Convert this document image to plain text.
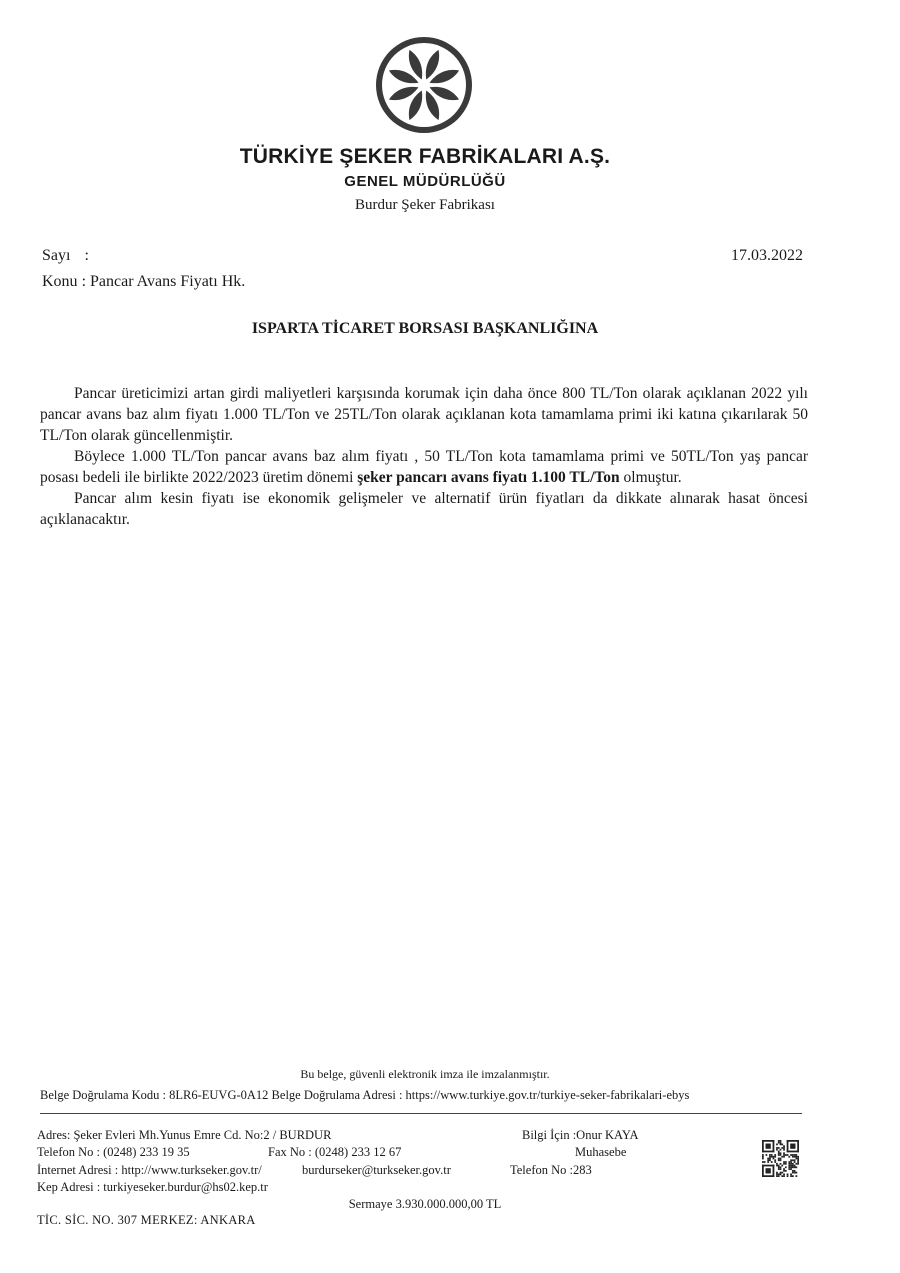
TÜRKİYE ŞEKER FABRİKALARI A.Ş.
GENEL MÜDÜRLÜĞÜ
Burdur Şeker Fabrikası
Sayı :
Konu : Pancar Avans Fiyatı Hk.
17.03.2022
ISPARTA TİCARET BORSASI BAŞKANLIĞINA

Pancar üreticimizi artan girdi maliyetleri karşısında korumak için daha önce 800 TL/Ton olarak açıklanan 2022 yılı pancar avans baz alım fiyatı 1.000 TL/Ton ve 25TL/Ton olarak açıklanan kota tamamlama primi iki katına çıkarılarak 50 TL/Ton olarak güncellenmiştir.

Böylece 1.000 TL/Ton pancar avans baz alım fiyatı , 50 TL/Ton kota tamamlama primi ve 50TL/Ton yaş pancar posası bedeli ile birlikte 2022/2023 üretim dönemi şeker pancarı avans fiyatı 1.100 TL/Ton olmuştur.

Pancar alım kesin fiyatı ise ekonomik gelişmeler ve alternatif ürün fiyatları da dikkate alınarak hasat öncesi açıklanacaktır.

Bu belge, güvenli elektronik imza ile imzalanmıştır.
Belge Doğrulama Kodu : 8LR6-EUVG-0A12 Belge Doğrulama Adresi : https://www.turkiye.gov.tr/turkiye-seker-fabrikalari-ebys
Adres: Şeker Evleri Mh.Yunus Emre Cd. No:2 / BURDUR
Telefon No : (0248) 233 19 35	Fax No : (0248) 233 12 67
İnternet Adresi : http://www.turkseker.gov.tr/	burdurseker@turkseker.gov.tr
Kep Adresi : turkiyeseker.burdur@hs02.kep.tr
Bilgi İçin :Onur KAYA
Muhasebe
Telefon No :283
Sermaye 3.930.000.000,00 TL
TİC. SİC. NO. 307 MERKEZ: ANKARA
